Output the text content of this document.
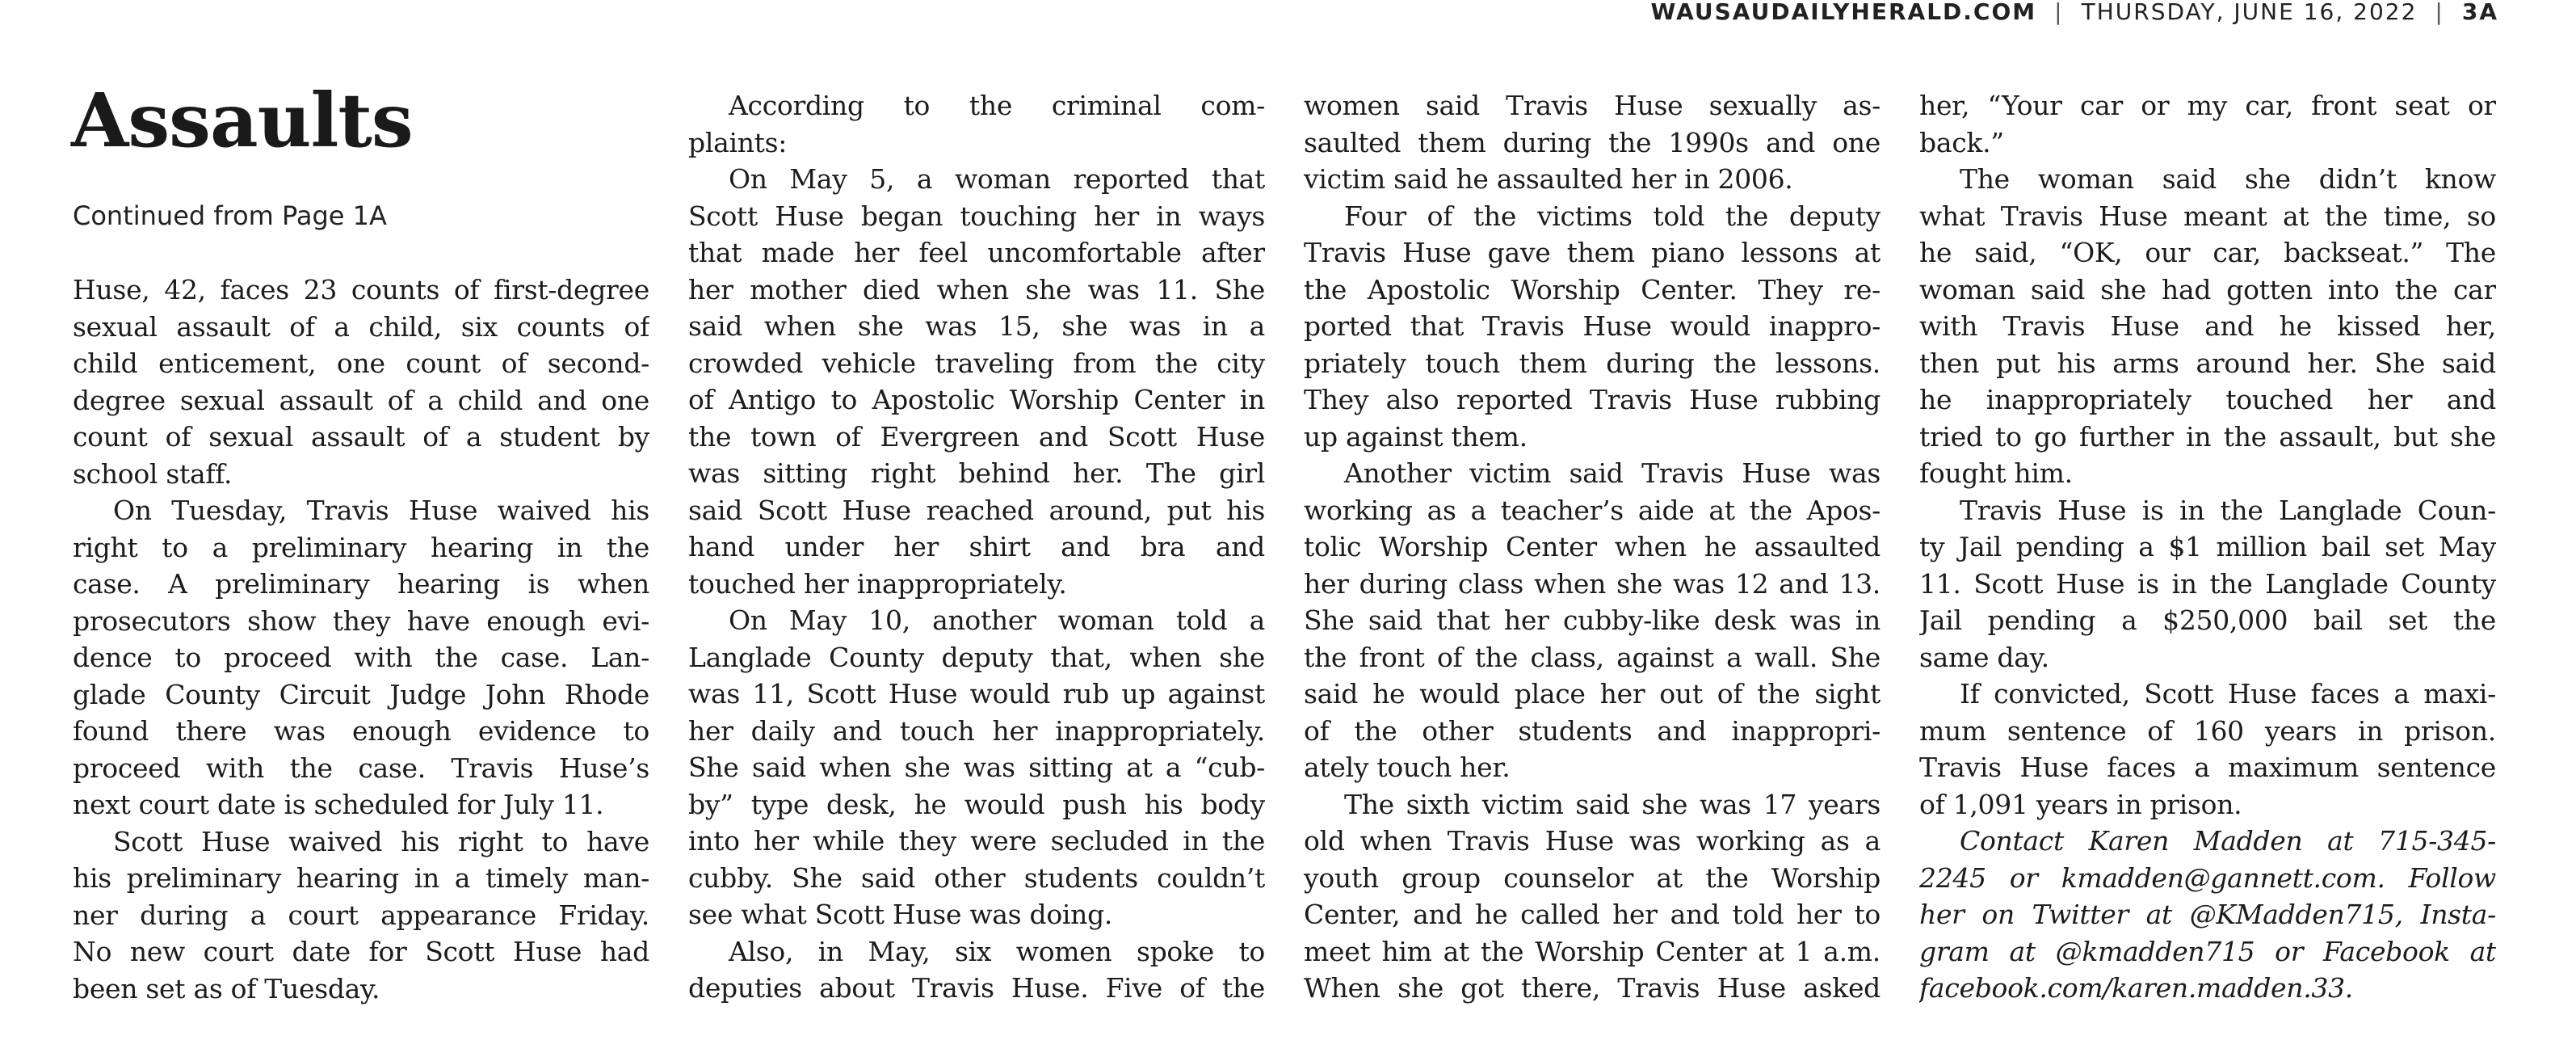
WAUSAUDAILYHERALD.COM | THURSDAY, JUNE 16, 2022 | 3A
Assaults

Continued from Page 1A

Huse, 42, faces 23 counts of first-degree
sexual assault of a child, six counts of
child enticement, one count of second-
degree sexual assault of a child and one
count of sexual assault of a student by
school staff.
On Tuesday, Travis Huse waived his
right to a preliminary hearing in the
case. A preliminary hearing is when
prosecutors show they have enough evi-
dence to proceed with the case. Lan-
glade County Circuit Judge John Rhode
found there was enough evidence to
proceed with the case. Travis Huse’s
next court date is scheduled for July 11.
Scott Huse waived his right to have
his preliminary hearing in a timely man-
ner during a court appearance Friday.
No new court date for Scott Huse had
been set as of Tuesday.
According to the criminal com-
plaints:
On May 5, a woman reported that
Scott Huse began touching her in ways
that made her feel uncomfortable after
her mother died when she was 11. She
said when she was 15, she was in a
crowded vehicle traveling from the city
of Antigo to Apostolic Worship Center in
the town of Evergreen and Scott Huse
was sitting right behind her. The girl
said Scott Huse reached around, put his
hand under her shirt and bra and
touched her inappropriately.
On May 10, another woman told a
Langlade County deputy that, when she
was 11, Scott Huse would rub up against
her daily and touch her inappropriately.
She said when she was sitting at a “cub-
by” type desk, he would push his body
into her while they were secluded in the
cubby. She said other students couldn’t
see what Scott Huse was doing.
Also, in May, six women spoke to
deputies about Travis Huse. Five of the
women said Travis Huse sexually as-
saulted them during the 1990s and one
victim said he assaulted her in 2006.
Four of the victims told the deputy
Travis Huse gave them piano lessons at
the Apostolic Worship Center. They re-
ported that Travis Huse would inappro-
priately touch them during the lessons.
They also reported Travis Huse rubbing
up against them.
Another victim said Travis Huse was
working as a teacher’s aide at the Apos-
tolic Worship Center when he assaulted
her during class when she was 12 and 13.
She said that her cubby-like desk was in
the front of the class, against a wall. She
said he would place her out of the sight
of the other students and inappropri-
ately touch her.
The sixth victim said she was 17 years
old when Travis Huse was working as a
youth group counselor at the Worship
Center, and he called her and told her to
meet him at the Worship Center at 1 a.m.
When she got there, Travis Huse asked
her, “Your car or my car, front seat or
back.”
The woman said she didn’t know
what Travis Huse meant at the time, so
he said, “OK, our car, backseat.” The
woman said she had gotten into the car
with Travis Huse and he kissed her,
then put his arms around her. She said
he inappropriately touched her and
tried to go further in the assault, but she
fought him.
Travis Huse is in the Langlade Coun-
ty Jail pending a $1 million bail set May
11. Scott Huse is in the Langlade County
Jail pending a $250,000 bail set the
same day.
If convicted, Scott Huse faces a maxi-
mum sentence of 160 years in prison.
Travis Huse faces a maximum sentence
of 1,091 years in prison.
Contact Karen Madden at 715-345-
2245 or kmadden@gannett.com. Follow
her on Twitter at @KMadden715, Insta-
gram at @kmadden715 or Facebook at
facebook.com/karen.madden.33.
